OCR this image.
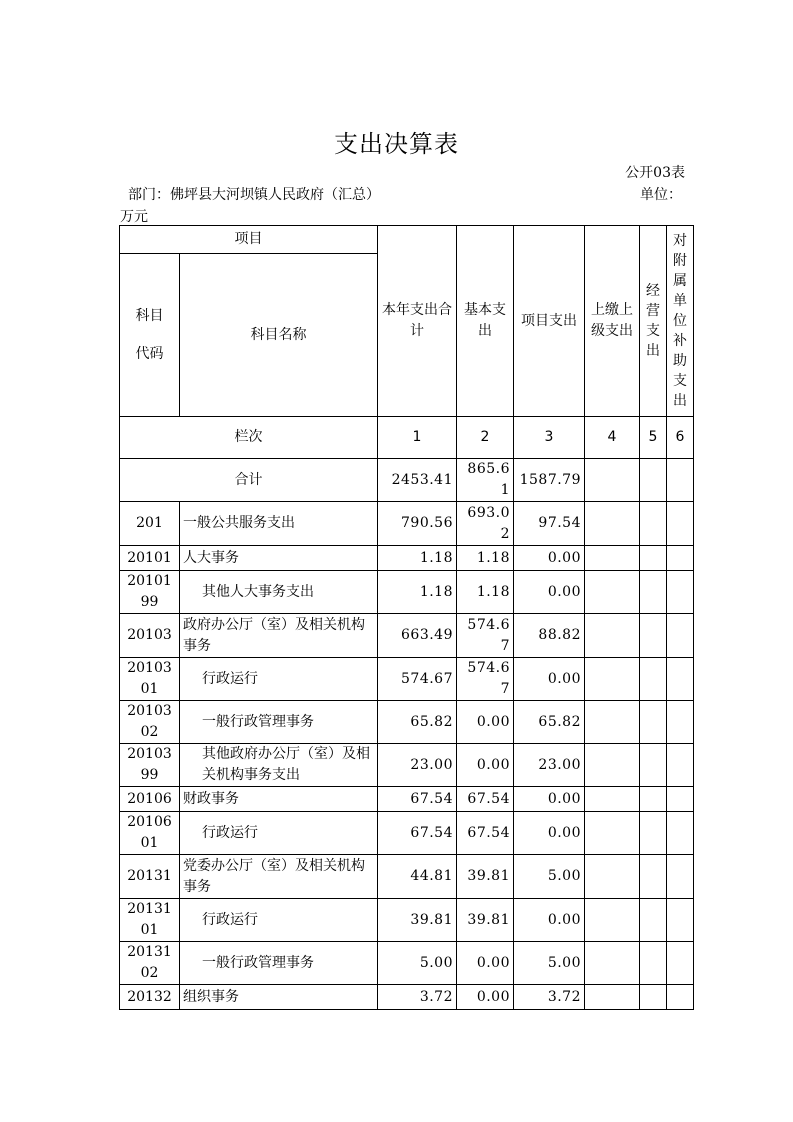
支出决算表
公开03表
部门：佛坪县大河坝镇人民政府（汇总）	单位：
万元
项目		本年支出合计	基本支出	项目支出	上缴上级支出	经营支出	对附属单位补助支出
科目代码	科目名称						
栏次		1	2	3	4	5	6
合计		2453.41	865.61	1587.79			
201	一般公共服务支出	790.56	693.02	97.54			
20101	人大事务	1.18	1.18	0.00			
2010199	其他人大事务支出	1.18	1.18	0.00			
20103	政府办公厅（室）及相关机构事务	663.49	574.67	88.82			
2010301	行政运行	574.67	574.67	0.00			
2010302	一般行政管理事务	65.82	0.00	65.82			
2010399	其他政府办公厅（室）及相关机构事务支出	23.00	0.00	23.00			
20106	财政事务	67.54	67.54	0.00			
2010601	行政运行	67.54	67.54	0.00			
20131	党委办公厅（室）及相关机构事务	44.81	39.81	5.00			
2013101	行政运行	39.81	39.81	0.00			
2013102	一般行政管理事务	5.00	0.00	5.00			
20132	组织事务	3.72	0.00	3.72			
